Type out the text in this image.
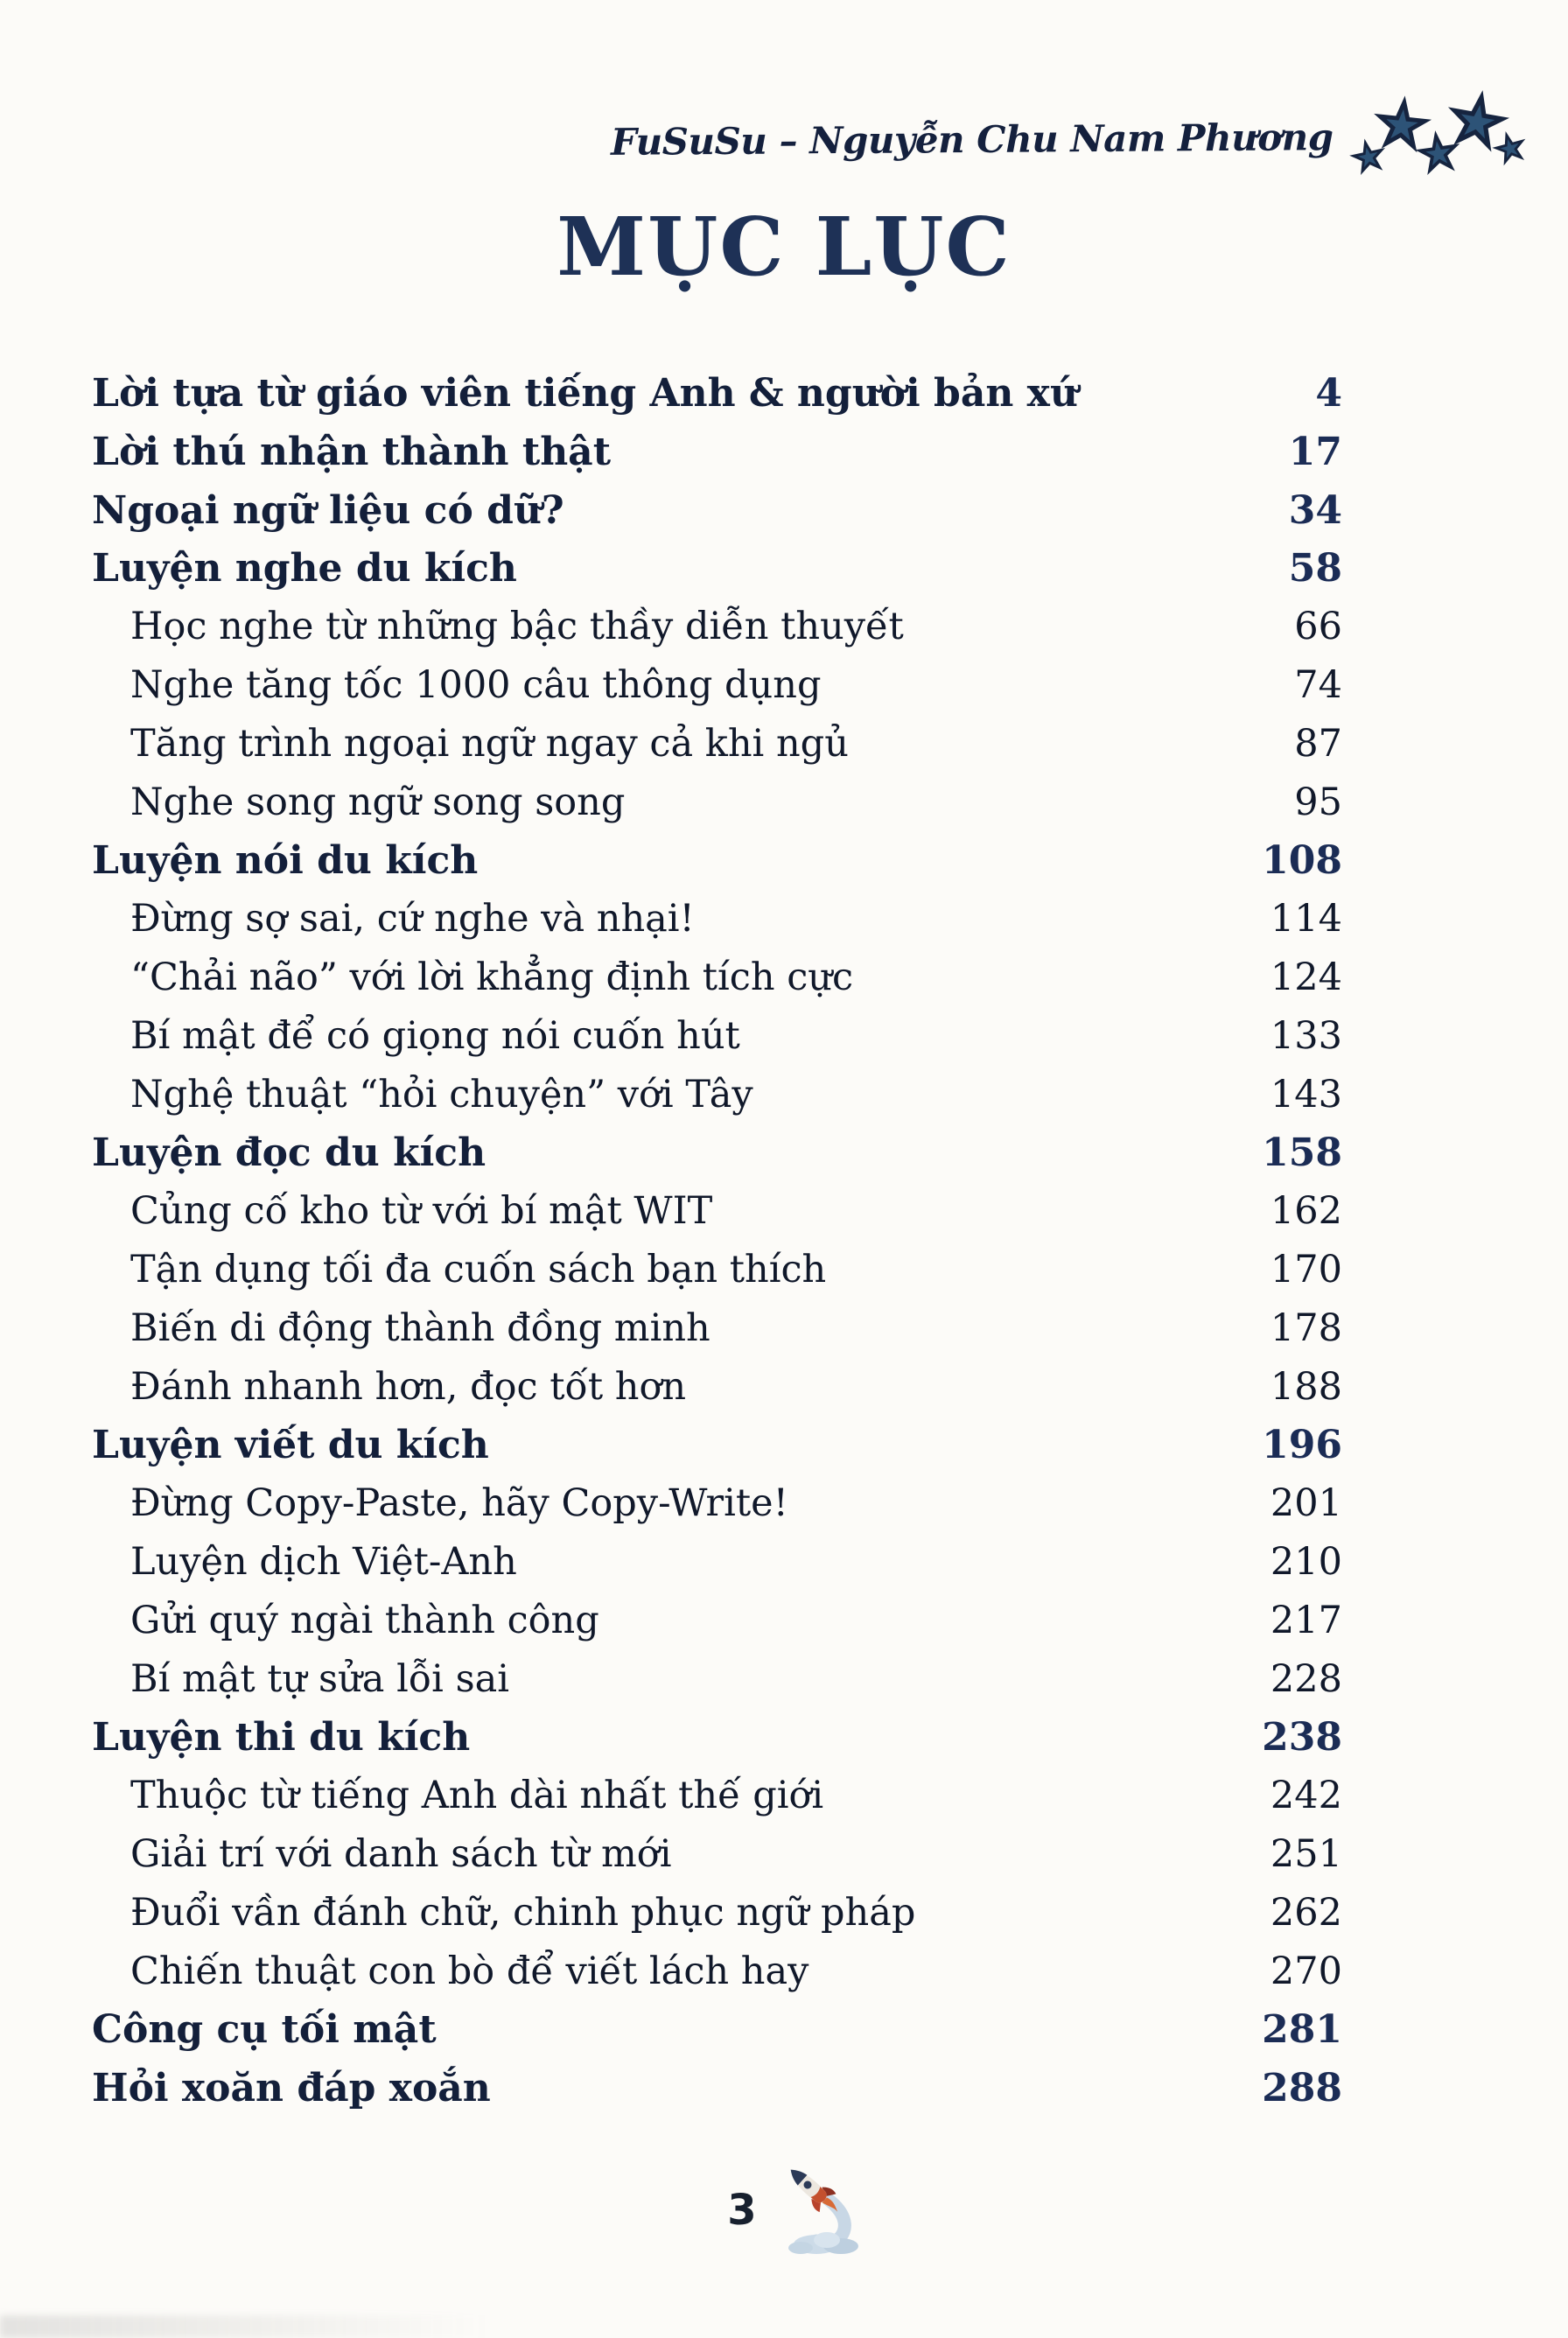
FuSuSu – Nguyễn Chu Nam Phương
MỤC LỤC
Lời tựa từ giáo viên tiếng Anh & người bản xứ	4
Lời thú nhận thành thật	17
Ngoại ngữ liệu có dữ?	34
Luyện nghe du kích	58
Học nghe từ những bậc thầy diễn thuyết	66
Nghe tăng tốc 1000 câu thông dụng	74
Tăng trình ngoại ngữ ngay cả khi ngủ	87
Nghe song ngữ song song	95
Luyện nói du kích	108
Đừng sợ sai, cứ nghe và nhại!	114
“Chải não” với lời khẳng định tích cực	124
Bí mật để có giọng nói cuốn hút	133
Nghệ thuật “hỏi chuyện” với Tây	143
Luyện đọc du kích	158
Củng cố kho từ với bí mật WIT	162
Tận dụng tối đa cuốn sách bạn thích	170
Biến di động thành đồng minh	178
Đánh nhanh hơn, đọc tốt hơn	188
Luyện viết du kích	196
Đừng Copy-Paste, hãy Copy-Write!	201
Luyện dịch Việt-Anh	210
Gửi quý ngài thành công	217
Bí mật tự sửa lỗi sai	228
Luyện thi du kích	238
Thuộc từ tiếng Anh dài nhất thế giới	242
Giải trí với danh sách từ mới	251
Đuổi vần đánh chữ, chinh phục ngữ pháp	262
Chiến thuật con bò để viết lách hay	270
Công cụ tối mật	281
Hỏi xoăn đáp xoắn	288
3
